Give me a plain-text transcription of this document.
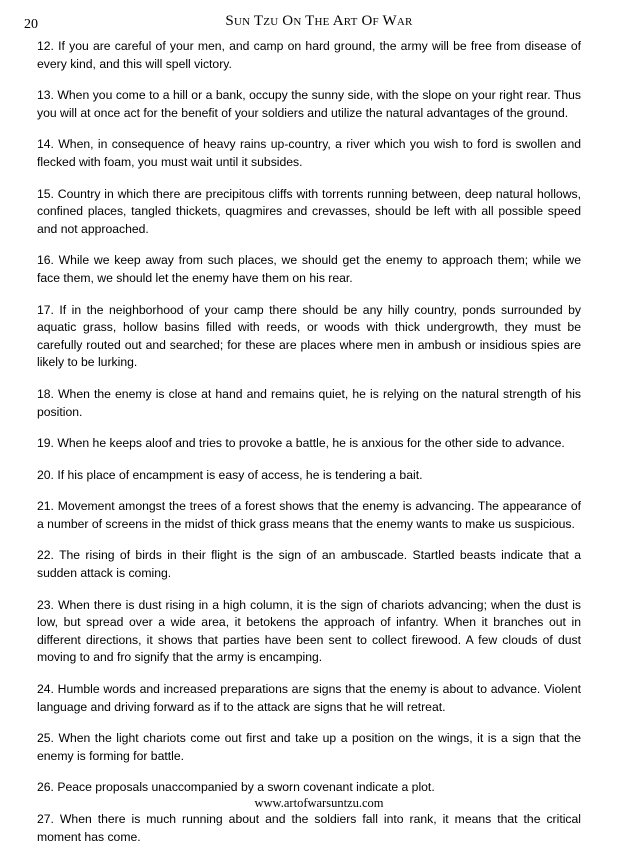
20	Sun Tzu On The Art Of War

12. If you are careful of your men, and camp on hard ground, the army will be free from disease of every kind, and this will spell victory.

13. When you come to a hill or a bank, occupy the sunny side, with the slope on your right rear. Thus you will at once act for the benefit of your soldiers and utilize the natural advantages of the ground.

14. When, in consequence of heavy rains up-country, a river which you wish to ford is swollen and flecked with foam, you must wait until it subsides.

15. Country in which there are precipitous cliffs with torrents running between, deep natural hollows, confined places, tangled thickets, quagmires and crevasses, should be left with all possible speed and not approached.

16. While we keep away from such places, we should get the enemy to approach them; while we face them, we should let the enemy have them on his rear.

17. If in the neighborhood of your camp there should be any hilly country, ponds surrounded by aquatic grass, hollow basins filled with reeds, or woods with thick undergrowth, they must be carefully routed out and searched; for these are places where men in ambush or insidious spies are likely to be lurking.

18. When the enemy is close at hand and remains quiet, he is relying on the natural strength of his position.

19. When he keeps aloof and tries to provoke a battle, he is anxious for the other side to advance.

20. If his place of encampment is easy of access, he is tendering a bait.

21. Movement amongst the trees of a forest shows that the enemy is advancing. The appearance of a number of screens in the midst of thick grass means that the enemy wants to make us suspicious.

22. The rising of birds in their flight is the sign of an ambuscade. Startled beasts indicate that a sudden attack is coming.

23. When there is dust rising in a high column, it is the sign of chariots advancing; when the dust is low, but spread over a wide area, it betokens the approach of infantry. When it branches out in different directions, it shows that parties have been sent to collect firewood. A few clouds of dust moving to and fro signify that the army is encamping.

24. Humble words and increased preparations are signs that the enemy is about to advance. Violent language and driving forward as if to the attack are signs that he will retreat.

25. When the light chariots come out first and take up a position on the wings, it is a sign that the enemy is forming for battle.

26. Peace proposals unaccompanied by a sworn covenant indicate a plot.

27. When there is much running about and the soldiers fall into rank, it means that the critical moment has come.

www.artofwarsuntzu.com
